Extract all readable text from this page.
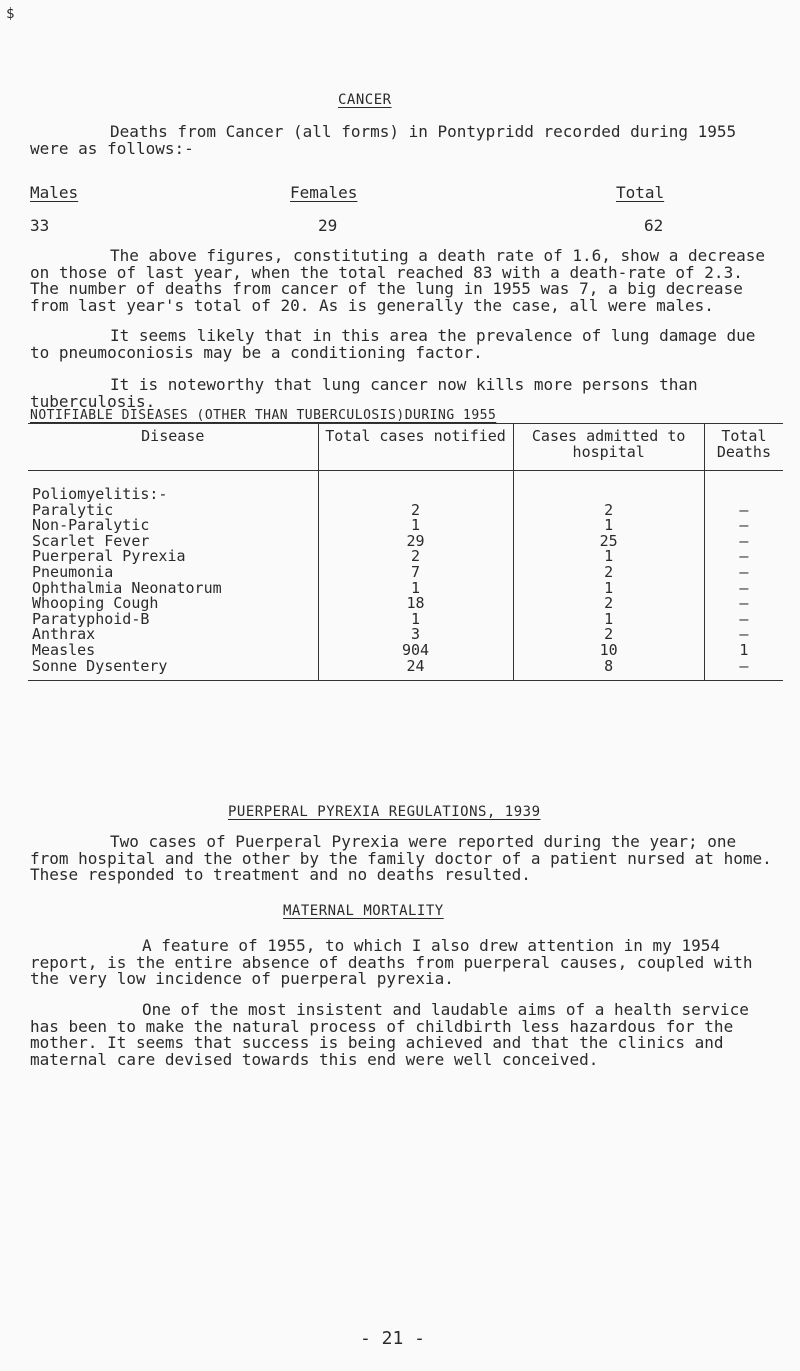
$
CANCER
Deaths from Cancer (all forms) in Pontypridd recorded during 1955 were as follows:-
Males	Females	Total
33	29	62
The above figures, constituting a death rate of 1.6, show a decrease on those of last year, when the total reached 83 with a death-rate of 2.3. The number of deaths from cancer of the lung in 1955 was 7, a big decrease from last year's total of 20. As is generally the case, all were males.
It seems likely that in this area the prevalence of lung damage due to pneumoconiosis may be a conditioning factor.
It is noteworthy that lung cancer now kills more persons than tuberculosis.
NOTIFIABLE DISEASES (OTHER THAN TUBERCULOSIS)DURING 1955
Disease	Total cases notified	Cases admitted to hospital	Total Deaths
Poliomyelitis:-			
Paralytic	2	2	–
Non-Paralytic	1	1	–
Scarlet Fever	29	25	–
Puerperal Pyrexia	2	1	–
Pneumonia	7	2	–
Ophthalmia Neonatorum	1	1	–
Whooping Cough	18	2	–
Paratyphoid-B	1	1	–
Anthrax	3	2	–
Measles	904	10	1
Sonne Dysentery	24	8	–
PUERPERAL PYREXIA REGULATIONS, 1939
Two cases of Puerperal Pyrexia were reported during the year; one from hospital and the other by the family doctor of a patient nursed at home. These responded to treatment and no deaths resulted.
MATERNAL MORTALITY
A feature of 1955, to which I also drew attention in my 1954 report, is the entire absence of deaths from puerperal causes, coupled with the very low incidence of puerperal pyrexia.
One of the most insistent and laudable aims of a health service has been to make the natural process of childbirth less hazardous for the mother. It seems that success is being achieved and that the clinics and maternal care devised towards this end were well conceived.
- 21 -
